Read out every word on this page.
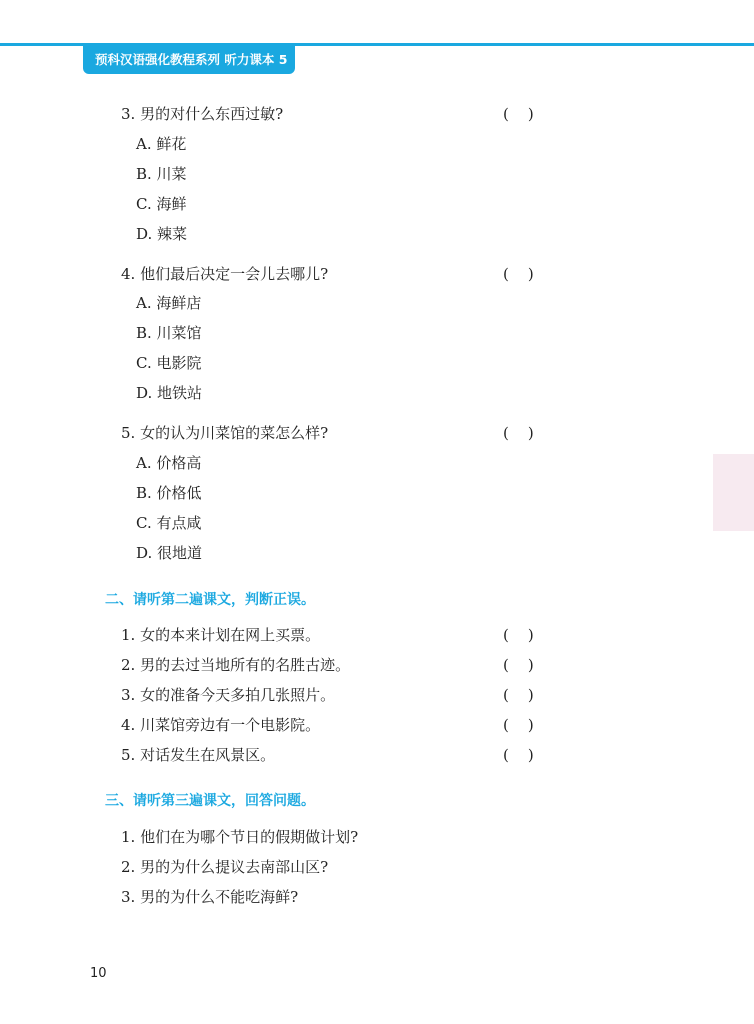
预科汉语强化教程系列 听力课本 5
3. 男的对什么东西过敏?	(    )
A. 鲜花
B. 川菜
C. 海鲜
D. 辣菜
4. 他们最后决定一会儿去哪儿?	(    )
A. 海鲜店
B. 川菜馆
C. 电影院
D. 地铁站
5. 女的认为川菜馆的菜怎么样?	(    )
A. 价格高
B. 价格低
C. 有点咸
D. 很地道
二、请听第二遍课文，判断正误。
1. 女的本来计划在网上买票。	(    )
2. 男的去过当地所有的名胜古迹。	(    )
3. 女的准备今天多拍几张照片。	(    )
4. 川菜馆旁边有一个电影院。	(    )
5. 对话发生在风景区。	(    )
三、请听第三遍课文，回答问题。
1. 他们在为哪个节日的假期做计划?
2. 男的为什么提议去南部山区?
3. 男的为什么不能吃海鲜?
10
